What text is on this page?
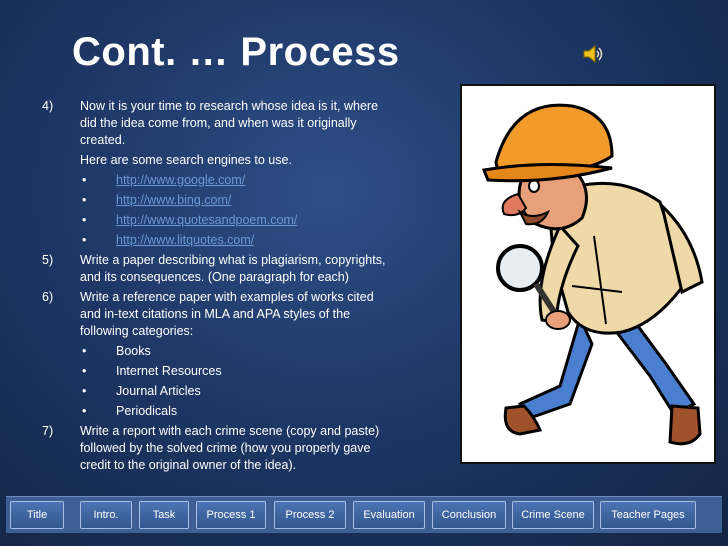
Cont. … Process
4) Now it is your time to research whose idea is it, where
did the idea come from, and when was it originally
created.
Here are some search engines to use.
• http://www.google.com/
• http://www.bing.com/
• http://www.quotesandpoem.com/
• http://www.litquotes.com/
5) Write a paper describing what is plagiarism, copyrights,
and its consequences. (One paragraph for each)
6) Write a reference paper with examples of works cited
and in-text citations in MLA and APA styles of the
following categories:
• Books
• Internet Resources
• Journal Articles
• Periodicals
7) Write a report with each crime scene (copy and paste)
followed by the solved crime (how you properly gave
credit to the original owner of the idea).
Title	Intro.	Task	Process 1	Process 2	Evaluation	Conclusion	Crime Scene	Teacher Pages
